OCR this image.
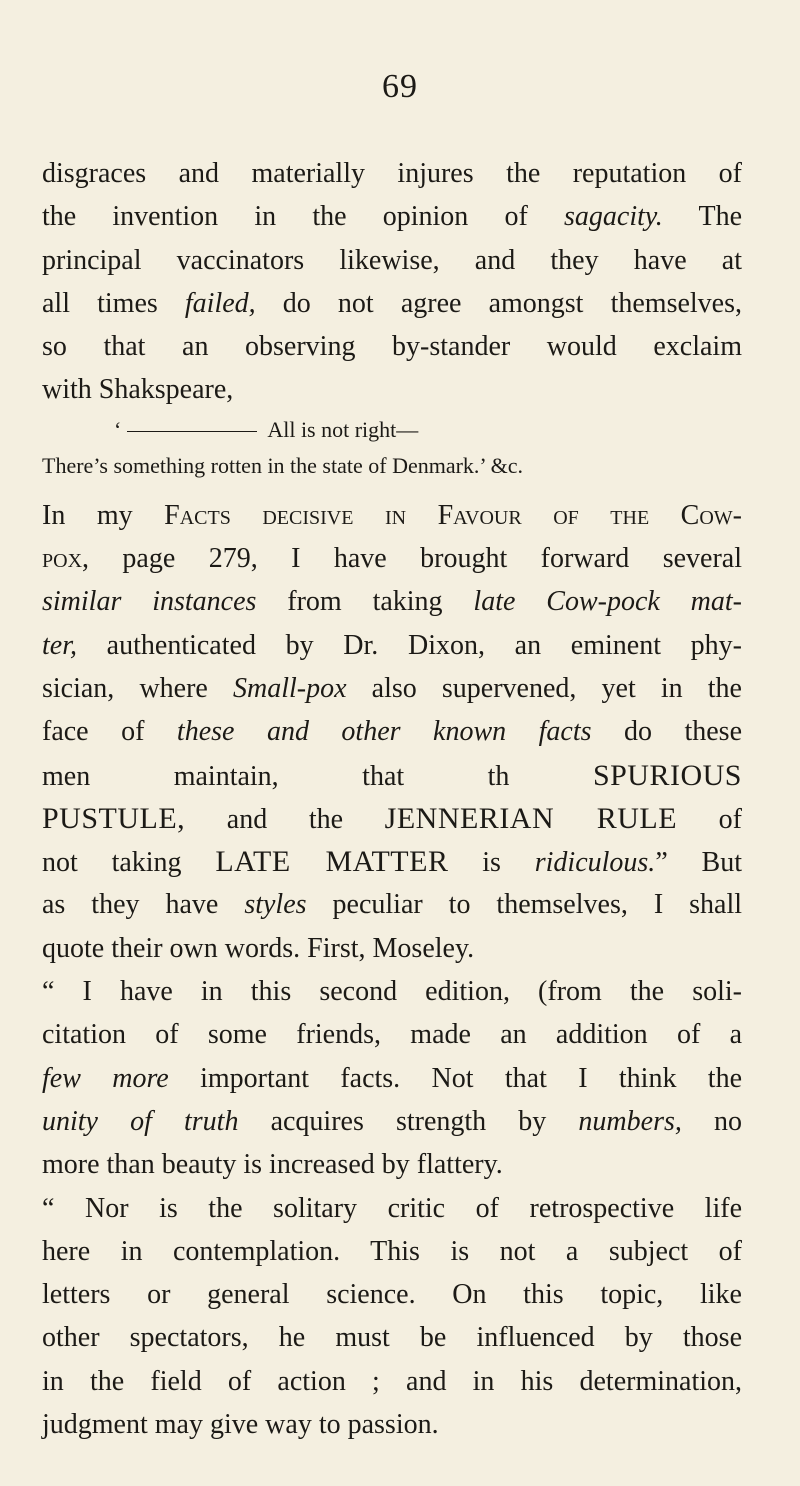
69
disgraces and materially injures the reputation of
the invention in the opinion of sagacity. The
principal vaccinators likewise, and they have at
all times failed, do not agree amongst themselves,
so that an observing by-stander would exclaim
with Shakspeare,
‘	All is not right—
There’s something rotten in the state of Denmark.’ &c.
In my Facts decisive in Favour of the Cow-
pox, page 279, I have brought forward several
similar instances from taking late Cow-pock mat-
ter, authenticated by Dr. Dixon, an eminent phy-
sician, where Small-pox also supervened, yet in the
face of these and other known facts do these
men maintain, that th SPURIOUS
PUSTULE, and the JENNERIAN RULE of
not taking LATE MATTER is ridiculous.” But
as they have styles peculiar to themselves, I shall
quote their own words. First, Moseley.
“ I have in this second edition, (from the soli-
citation of some friends, made an addition of a
few more important facts. Not that I think the
unity of truth acquires strength by numbers, no
more than beauty is increased by flattery.
“ Nor is the solitary critic of retrospective life
here in contemplation. This is not a subject of
letters or general science. On this topic, like
other spectators, he must be influenced by those
in the field of action ; and in his determination,
judgment may give way to passion.
